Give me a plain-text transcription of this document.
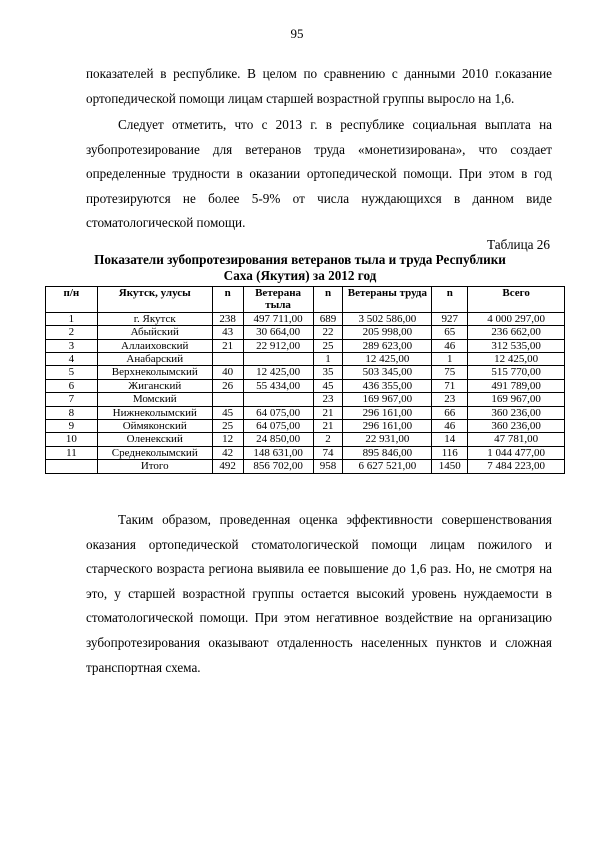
95
показателей в республике. В целом по сравнению с данными 2010 г.оказание ортопедической помощи лицам старшей возрастной группы выросло на 1,6.
Следует отметить, что с 2013 г. в республике социальная выплата на зубопротезирование для ветеранов труда «монетизирована», что создает определенные трудности в оказании ортопедической помощи. При этом в год протезируются не более 5-9% от числа нуждающихся в данном виде стоматологической помощи.
Таблица 26
Показатели зубопротезирования ветеранов тыла и труда Республики
Саха (Якутия) за 2012 год
п/н	Якутск, улусы	n	Ветерана тыла	n	Ветераны труда	n	Всего
1	г. Якутск	238	497 711,00	689	3 502 586,00	927	4 000 297,00
2	Абыйский	43	30 664,00	22	205 998,00	65	236 662,00
3	Аллаиховский	21	22 912,00	25	289 623,00	46	312 535,00
4	Анабарский			1	12 425,00	1	12 425,00
5	Верхнеколымский	40	12 425,00	35	503 345,00	75	515 770,00
6	Жиганский	26	55 434,00	45	436 355,00	71	491 789,00
7	Момский			23	169 967,00	23	169 967,00
8	Нижнеколымский	45	64 075,00	21	296 161,00	66	360 236,00
9	Оймяконский	25	64 075,00	21	296 161,00	46	360 236,00
10	Оленекский	12	24 850,00	2	22 931,00	14	47 781,00
11	Среднеколымский	42	148 631,00	74	895 846,00	116	1 044 477,00
	Итого	492	856 702,00	958	6 627 521,00	1450	7 484 223,00
Таким образом, проведенная оценка эффективности совершенствования оказания ортопедической стоматологической помощи лицам пожилого и старческого возраста региона выявила ее повышение до 1,6 раз. Но, не смотря на это, у старшей возрастной группы остается высокий уровень нуждаемости в стоматологической помощи. При этом негативное воздействие на организацию зубопротезирования оказывают отдаленность населенных пунктов и сложная транспортная схема.
